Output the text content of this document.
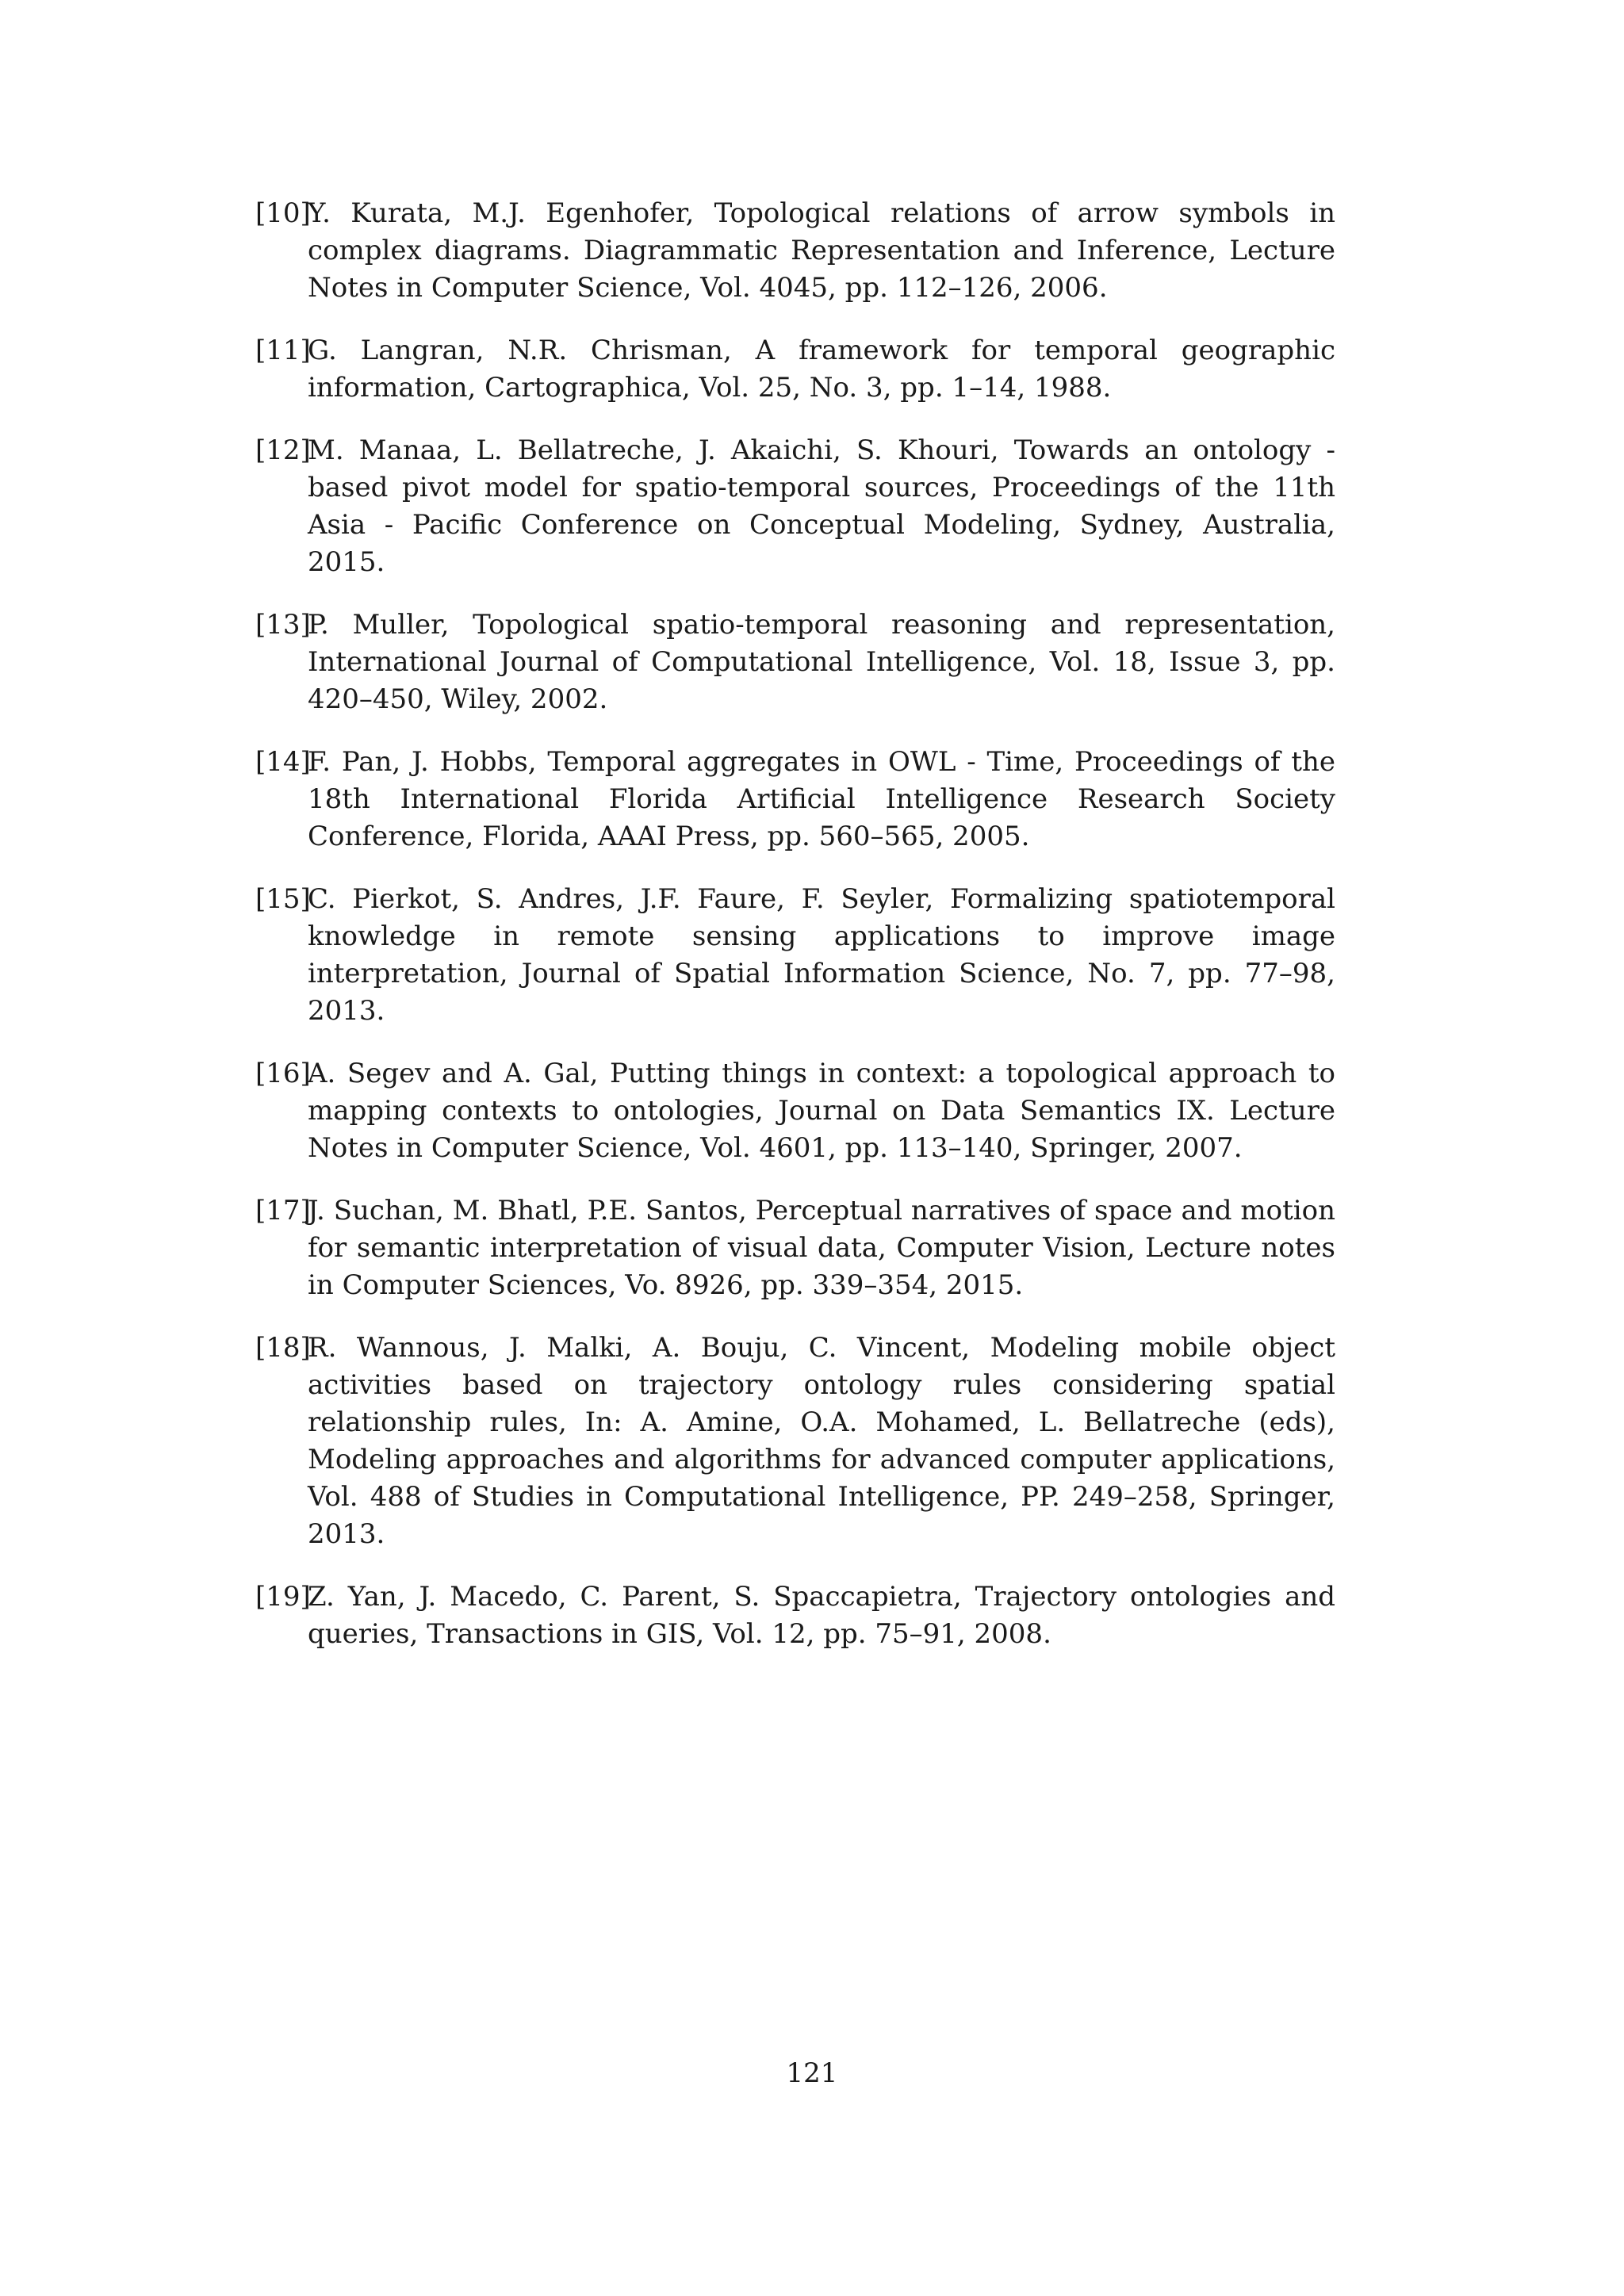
[10]
Y. Kurata, M.J. Egenhofer, Topological relations of arrow symbols in complex diagrams. Diagrammatic Representation and Inference, Lecture Notes in Computer Science, Vol. 4045, pp. 112–126, 2006.
[11]
G. Langran, N.R. Chrisman, A framework for temporal geographic information, Cartographica, Vol. 25, No. 3, pp. 1–14, 1988.
[12]
M. Manaa, L. Bellatreche, J. Akaichi, S. Khouri, Towards an ontology - based pivot model for spatio-temporal sources, Proceedings of the 11th Asia - Pacific Conference on Conceptual Modeling, Sydney, Australia, 2015.
[13]
P. Muller, Topological spatio-temporal reasoning and representation, International Journal of Computational Intelligence, Vol. 18, Issue 3, pp. 420–450, Wiley, 2002.
[14]
F. Pan, J. Hobbs, Temporal aggregates in OWL - Time, Proceedings of the 18th International Florida Artificial Intelligence Research Society Conference, Florida, AAAI Press, pp. 560–565, 2005.
[15]
C. Pierkot, S. Andres, J.F. Faure, F. Seyler, Formalizing spatiotemporal knowledge in remote sensing applications to improve image interpretation, Journal of Spatial Information Science, No. 7, pp. 77–98, 2013.
[16]
A. Segev and A. Gal, Putting things in context: a topological approach to mapping contexts to ontologies, Journal on Data Semantics IX. Lecture Notes in Computer Science, Vol. 4601, pp. 113–140, Springer, 2007.
[17]
J. Suchan, M. Bhatl, P.E. Santos, Perceptual narratives of space and motion for semantic interpretation of visual data, Computer Vision, Lecture notes in Computer Sciences, Vo. 8926, pp. 339–354, 2015.
[18]
R. Wannous, J. Malki, A. Bouju, C. Vincent, Modeling mobile object activities based on trajectory ontology rules considering spatial relationship rules, In: A. Amine, O.A. Mohamed, L. Bellatreche (eds), Modeling approaches and algorithms for advanced computer applications, Vol. 488 of Studies in Computational Intelligence, PP. 249–258, Springer, 2013.
[19]
Z. Yan, J. Macedo, C. Parent, S. Spaccapietra, Trajectory ontologies and queries, Transactions in GIS, Vol. 12, pp. 75–91, 2008.
121
